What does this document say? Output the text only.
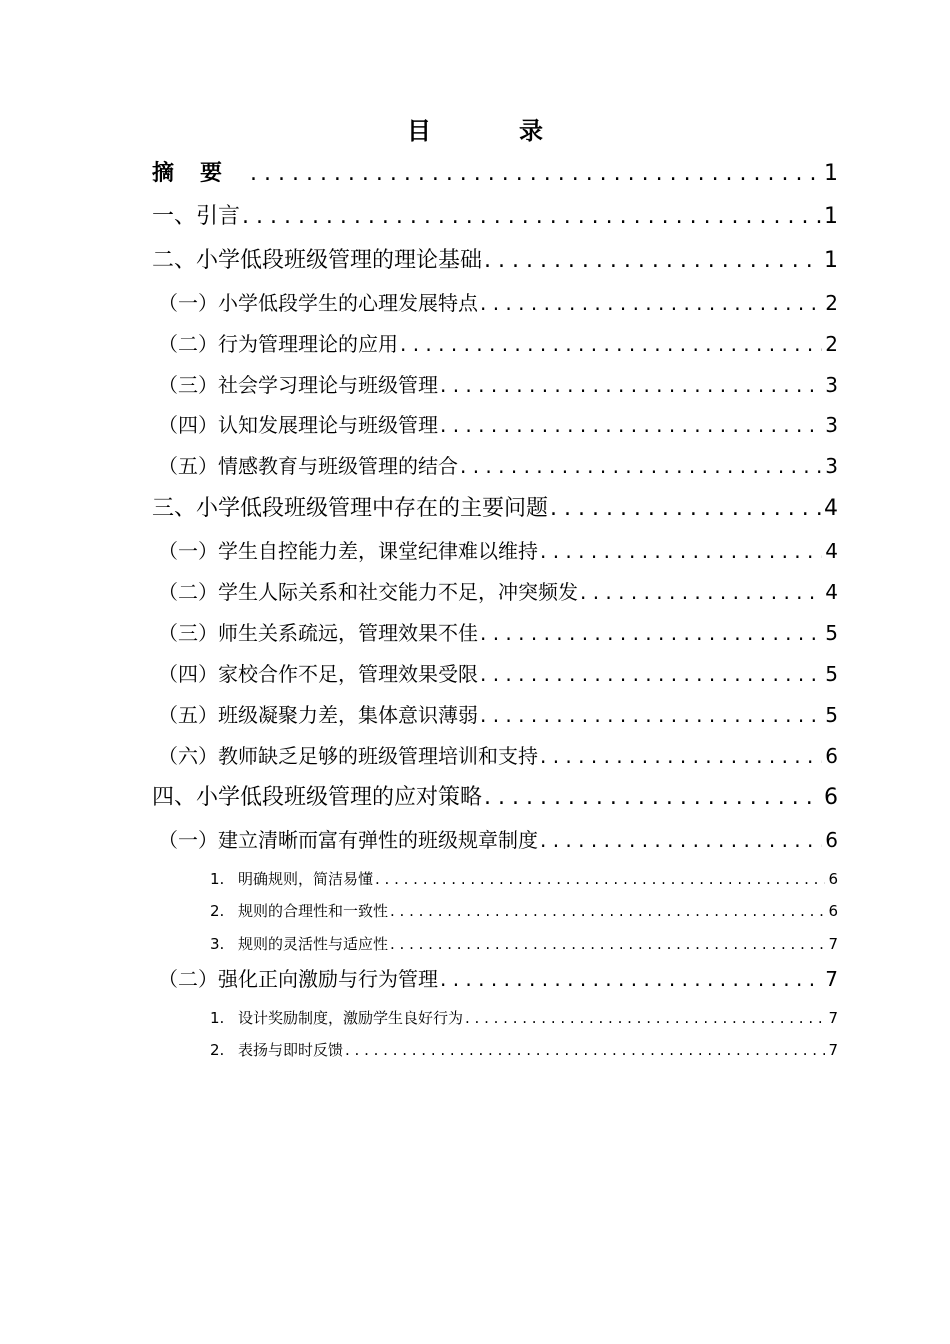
目　录
摘要 . . .	1
一、引言 . . .	1
二、小学低段班级管理的理论基础 . . .	1
（一）小学低段学生的心理发展特点 . . .	2
（二）行为管理理论的应用 . . .	2
（三）社会学习理论与班级管理 . . .	3
（四）认知发展理论与班级管理 . . .	3
（五）情感教育与班级管理的结合 . . .	3
三、小学低段班级管理中存在的主要问题 . . .	4
（一）学生自控能力差，课堂纪律难以维持 . . .	4
（二）学生人际关系和社交能力不足，冲突频发 . . .	4
（三）师生关系疏远，管理效果不佳 . . .	5
（四）家校合作不足，管理效果受限 . . .	5
（五）班级凝聚力差，集体意识薄弱 . . .	5
（六）教师缺乏足够的班级管理培训和支持 . . .	6
四、小学低段班级管理的应对策略 . . .	6
（一）建立清晰而富有弹性的班级规章制度 . . .	6
1. 明确规则，简洁易懂 . . .	6
2. 规则的合理性和一致性 . . .	6
3. 规则的灵活性与适应性 . . .	7
（二）强化正向激励与行为管理 . . .	7
1. 设计奖励制度，激励学生良好行为 . . .	7
2. 表扬与即时反馈 . . .	7
